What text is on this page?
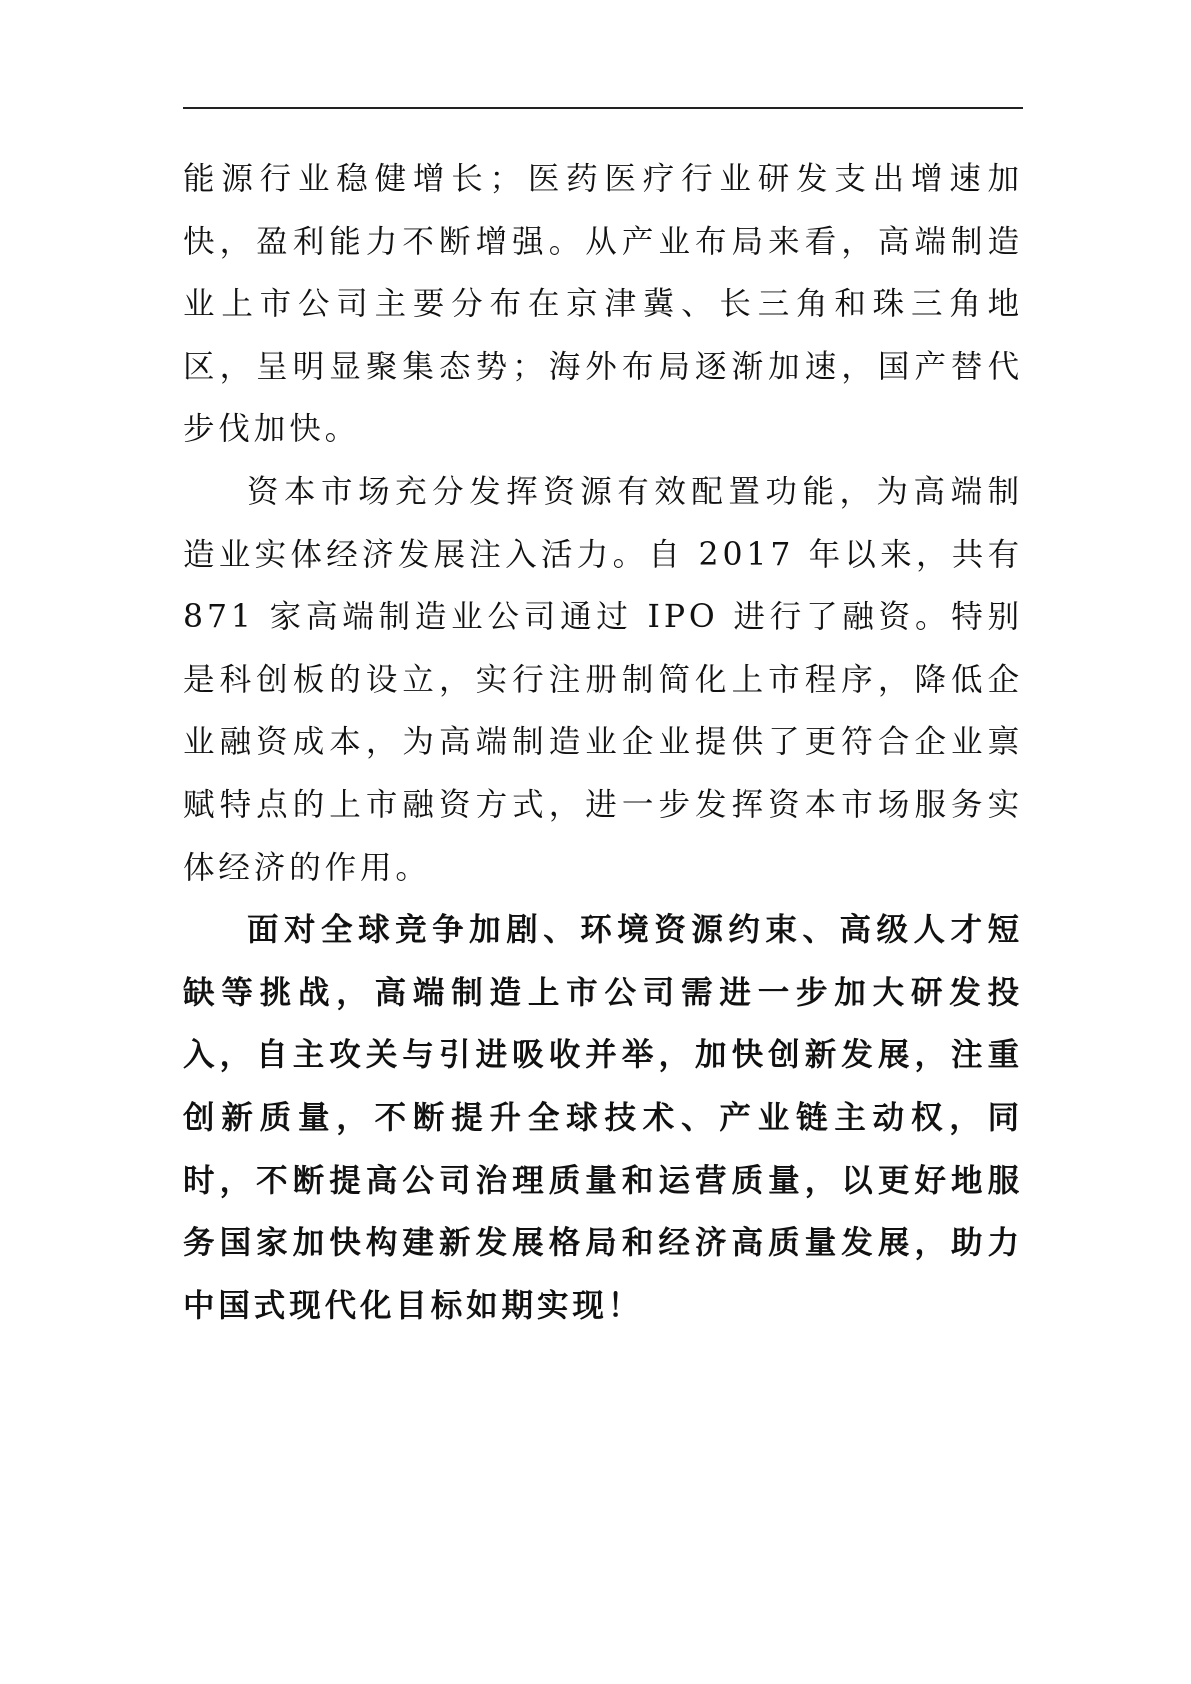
能源行业稳健增长；医药医疗行业研发支出增速加快，盈利能力不断增强。从产业布局来看，高端制造业上市公司主要分布在京津冀、长三角和珠三角地区，呈明显聚集态势；海外布局逐渐加速，国产替代步伐加快。

资本市场充分发挥资源有效配置功能，为高端制造业实体经济发展注入活力。自 2017 年以来，共有 871 家高端制造业公司通过 IPO 进行了融资。特别是科创板的设立，实行注册制简化上市程序，降低企业融资成本，为高端制造业企业提供了更符合企业禀赋特点的上市融资方式，进一步发挥资本市场服务实体经济的作用。

面对全球竞争加剧、环境资源约束、高级人才短缺等挑战，高端制造上市公司需进一步加大研发投入，自主攻关与引进吸收并举，加快创新发展，注重创新质量，不断提升全球技术、产业链主动权，同时，不断提高公司治理质量和运营质量，以更好地服务国家加快构建新发展格局和经济高质量发展，助力中国式现代化目标如期实现！
